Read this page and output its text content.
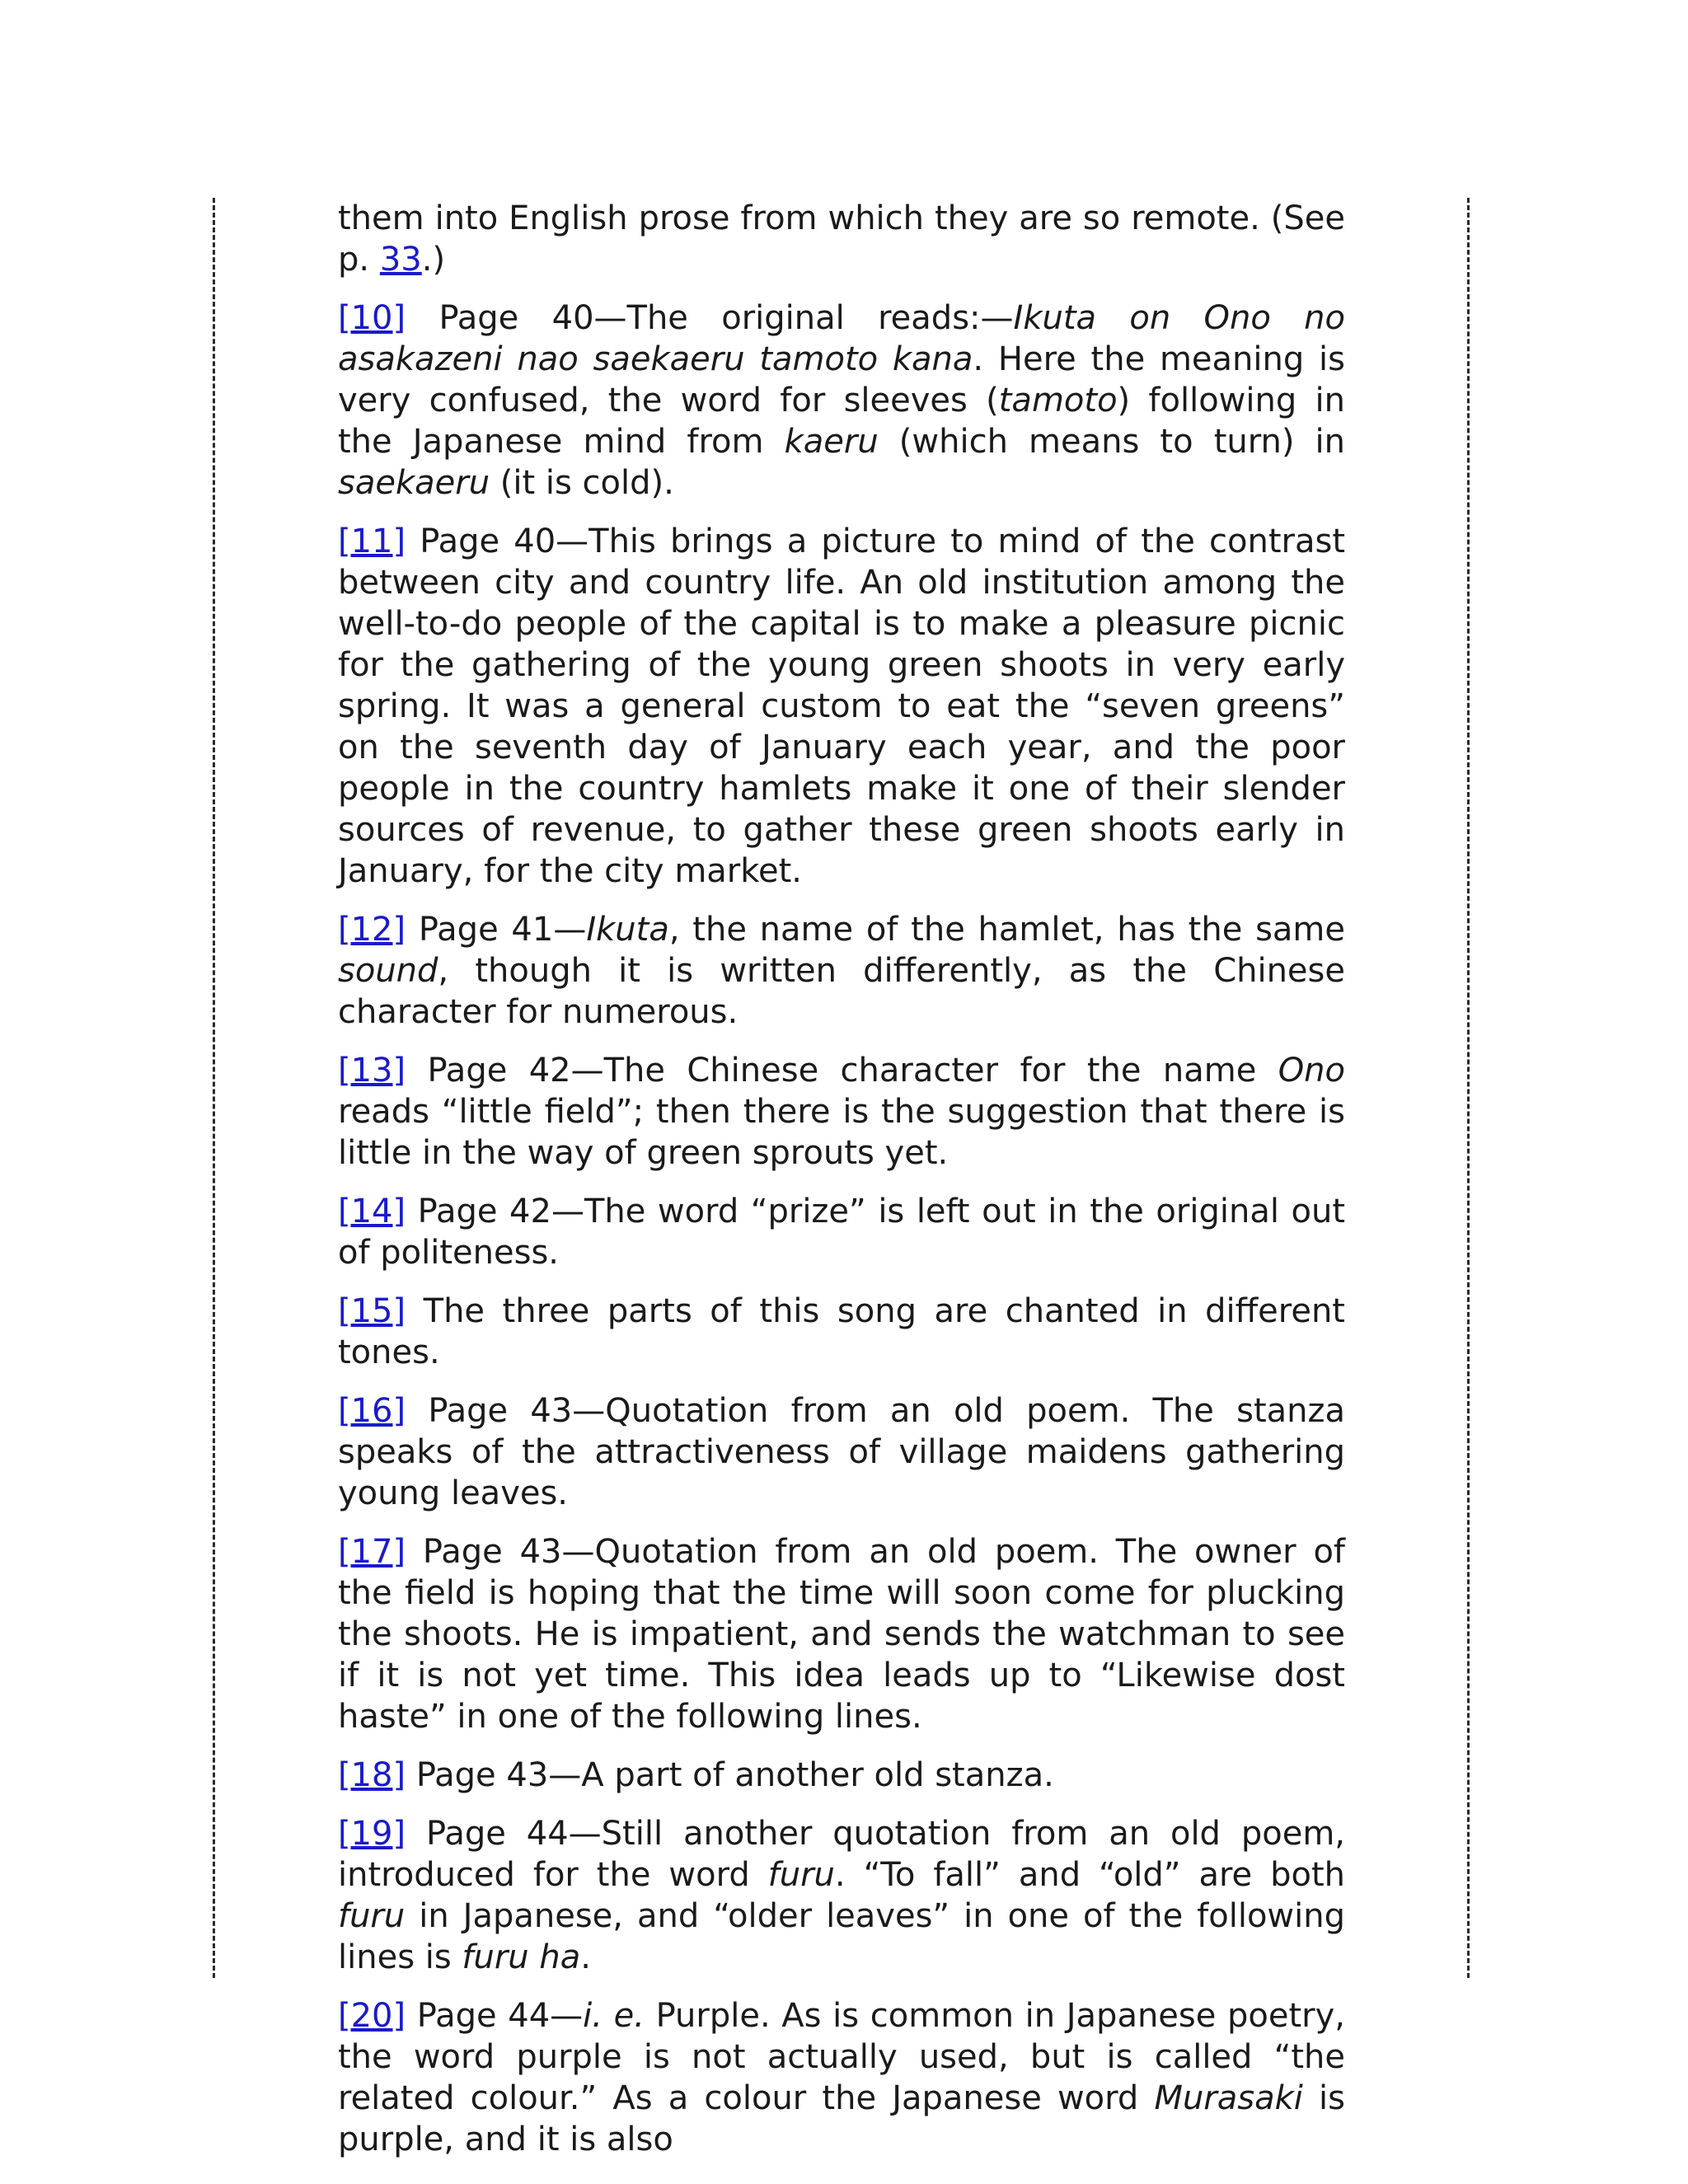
them into English prose from which they are so remote. (See p. 33.)

[10] Page 40—The original reads:—Ikuta on Ono no asakazeni nao saekaeru tamoto kana. Here the meaning is very confused, the word for sleeves (tamoto) following in the Japanese mind from kaeru (which means to turn) in saekaeru (it is cold).

[11] Page 40—This brings a picture to mind of the contrast between city and country life. An old institution among the well-to-do people of the capital is to make a pleasure picnic for the gathering of the young green shoots in very early spring. It was a general custom to eat the “seven greens” on the seventh day of January each year, and the poor people in the country hamlets make it one of their slender sources of revenue, to gather these green shoots early in January, for the city market.

[12] Page 41—Ikuta, the name of the hamlet, has the same sound, though it is written differently, as the Chinese character for numerous.

[13] Page 42—The Chinese character for the name Ono reads “little field”; then there is the suggestion that there is little in the way of green sprouts yet.

[14] Page 42—The word “prize” is left out in the original out of politeness.

[15] The three parts of this song are chanted in different tones.

[16] Page 43—Quotation from an old poem. The stanza speaks of the attractiveness of village maidens gathering young leaves.

[17] Page 43—Quotation from an old poem. The owner of the field is hoping that the time will soon come for plucking the shoots. He is impatient, and sends the watchman to see if it is not yet time. This idea leads up to “Likewise dost haste” in one of the following lines.

[18] Page 43—A part of another old stanza.

[19] Page 44—Still another quotation from an old poem, introduced for the word furu. “To fall” and “old” are both furu in Japanese, and “older leaves” in one of the following lines is furu ha.

[20] Page 44—i. e. Purple. As is common in Japanese poetry, the word purple is not actually used, but is called “the related colour.” As a colour the Japanese word Murasaki is purple, and it is also
